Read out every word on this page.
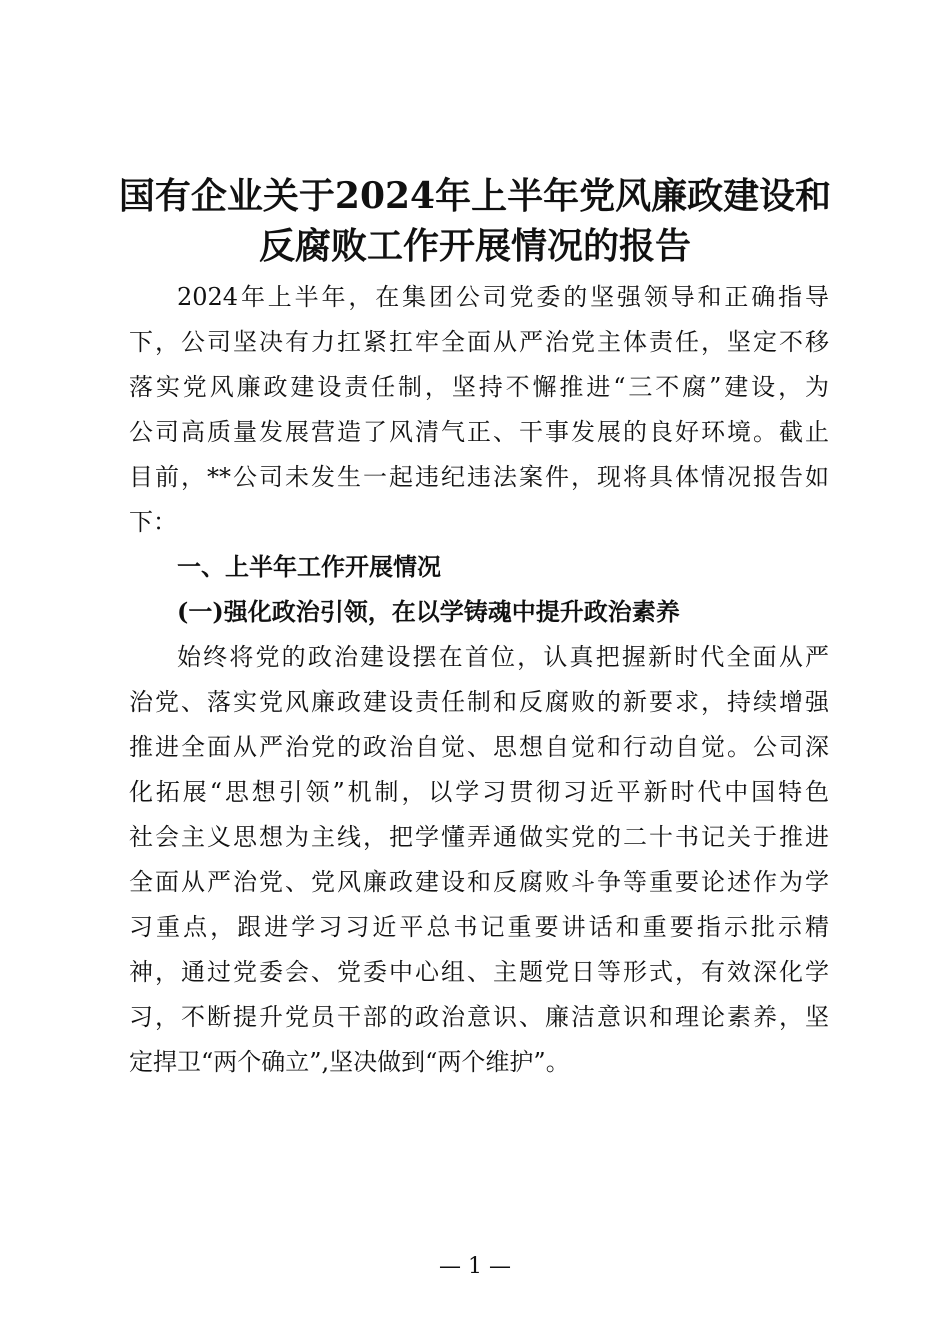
国有企业关于2024年上半年党风廉政建设和
反腐败工作开展情况的报告

2024年上半年，在集团公司党委的坚强领导和正确指导

下，公司坚决有力扛紧扛牢全面从严治党主体责任，坚定不移

落实党风廉政建设责任制，坚持不懈推进“三不腐”建设，为

公司高质量发展营造了风清气正、干事发展的良好环境。截止

目前，**公司未发生一起违纪违法案件，现将具体情况报告如

下：

一、上半年工作开展情况
(一)强化政治引领，在以学铸魂中提升政治素养

始终将党的政治建设摆在首位，认真把握新时代全面从严

治党、落实党风廉政建设责任制和反腐败的新要求，持续增强

推进全面从严治党的政治自觉、思想自觉和行动自觉。公司深

化拓展“思想引领”机制，以学习贯彻习近平新时代中国特色

社会主义思想为主线，把学懂弄通做实党的二十书记关于推进

全面从严治党、党风廉政建设和反腐败斗争等重要论述作为学

习重点，跟进学习习近平总书记重要讲话和重要指示批示精

神，通过党委会、党委中心组、主题党日等形式，有效深化学

习，不断提升党员干部的政治意识、廉洁意识和理论素养，坚

定捍卫“两个确立”,坚决做到“两个维护”。

— 1 —
